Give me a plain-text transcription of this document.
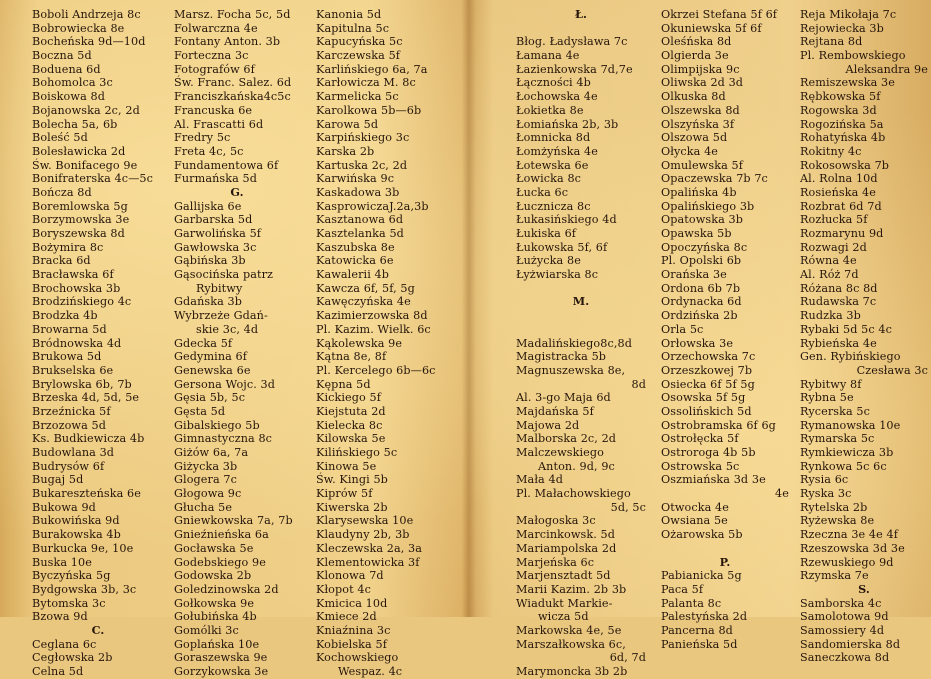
Boboli Andrzeja 8c
Bobrowiecka 8e
Bocheńska 9d—10d
Boczna 5d
Boduena 6d
Bohomolca 3c
Boiskowa 8d
Bojanowska 2c, 2d
Bolecha 5a, 6b
Boleść 5d
Bolesławicka 2d
Św. Bonifacego 9e
Bonifraterska 4c—5c
Bończa 8d
Boremlowska 5g
Borzymowska 3e
Boryszewska 8d
Bożymira 8c
Bracka 6d
Bracławska 6f
Brochowska 3b
Brodzińskiego 4c
Brodzka 4b
Browarna 5d
Bródnowska 4d
Brukowa 5d
Brukselska 6e
Brylowska 6b, 7b
Brzeska 4d, 5d, 5e
Brzeźnicka 5f
Brzozowa 5d
Ks. Budkiewicza 4b
Budowlana 3d
Budrysów 6f
Bugaj 5d
Bukareszteńska 6e
Bukowa 9d
Bukowińska 9d
Burakowska 4b
Burkucka 9e, 10e
Buska 10e
Byczyńska 5g
Bydgowska 3b, 3c
Bytomska 3c
Bzowa 9d
C.
Ceglana 6c
Cegłowska 2b
Celna 5d
Marsz. Focha 5c, 5d
Folwarczna 4e
Fontany Anton. 3b
Forteczna 3c
Fotografów 6f
Św. Franc. Salez. 6d
Franciszkańska4c5c
Francuska 6e
Al. Frascatti 6d
Fredry 5c
Freta 4c, 5c
Fundamentowa 6f
Furmańska 5d
G.
Gallijska 6e
Garbarska 5d
Garwolińska 5f
Gawłowska 3c
Gąbińska 3b
Gąsocińska patrz
Rybitwy
Gdańska 3b
Wybrzeże Gdań-
skie 3c, 4d
Gdecka 5f
Gedymina 6f
Genewska 6e
Gersona Wojc. 3d
Gęsia 5b, 5c
Gęsta 5d
Gibalskiego 5b
Gimnastyczna 8c
Giżów 6a, 7a
Giżycka 3b
Glogera 7c
Głogowa 9c
Głucha 5e
Gniewkowska 7a, 7b
Gnieźnieńska 6a
Gocławska 5e
Godebskiego 9e
Godowska 2b
Goledzinowska 2d
Gołkowska 9e
Gołubińska 4b
Gomólki 3c
Goplańska 10e
Goraszewska 9e
Gorzykowska 3e
Kanonia 5d
Kapitulna 5c
Kapucyńska 5c
Karczewska 5f
Karlińskiego 6a, 7a
Karłowicza M. 8c
Karmelicka 5c
Karolkowa 5b—6b
Karowa 5d
Karpińskiego 3c
Karska 2b
Kartuska 2c, 2d
Karwińska 9c
Kaskadowa 3b
KasprowiczaJ.2a,3b
Kasztanowa 6d
Kasztelanka 5d
Kaszubska 8e
Katowicka 6e
Kawalerii 4b
Kawcza 6f, 5f, 5g
Kawęczyńska 4e
Kazimierzowska 8d
Pl. Kazim. Wielk. 6c
Kąkolewska 9e
Kątna 8e, 8f
Pl. Kercelego 6b—6c
Kępna 5d
Kickiego 5f
Kiejstuta 2d
Kielecka 8c
Kilowska 5e
Kilińskiego 5c
Kinowa 5e
Św. Kingi 5b
Kiprów 5f
Kiwerska 2b
Klarysewska 10e
Klaudyny 2b, 3b
Kleczewska 2a, 3a
Klementowicka 3f
Klonowa 7d
Kłopot 4c
Kmicica 10d
Kmiece 2d
Kniaźnina 3c
Kobielska 5f
Kochowskiego
Wespaz. 4c
Ł.
Błog. Ładysława 7c
Łamana 4e
Łazienkowska 7d,7e
Łączności 4b
Łochowska 4e
Łokietka 8e
Łomiańska 2b, 3b
Łomnicka 8d
Łomżyńska 4e
Łotewska 6e
Łowicka 8c
Łucka 6c
Łucznicza 8c
Łukasińskiego 4d
Łukiska 6f
Łukowska 5f, 6f
Łużycka 8e
Łyżwiarska 8c
M.
Madalińskiego8c,8d
Magistracka 5b
Magnuszewska 8e,
8d
Al. 3-go Maja 6d
Majdańska 5f
Majowa 2d
Malborska 2c, 2d
Malczewskiego
Anton. 9d, 9c
Mała 4d
Pl. Małachowskiego
5d, 5c
Małogoska 3c
Marcinkowsk. 5d
Mariampolska 2d
Marjeńska 6c
Marjensztadt 5d
Marii Kazim. 2b 3b
Wiadukt Markie-
wicza 5d
Markowska 4e, 5e
Marszałkowska 6c,
6d, 7d
Marymoncka 3b 2b
Okrzei Stefana 5f 6f
Okuniewska 5f 6f
Oleśńska 8d
Olgierda 3e
Olimpijska 9c
Oliwska 2d 3d
Olkuska 8d
Olszewska 8d
Olszyńska 3f
Olszowa 5d
Ołycka 4e
Omulewska 5f
Opaczewska 7b 7c
Opalińska 4b
Opalińskiego 3b
Opatowska 3b
Opawska 5b
Opoczyńska 8c
Pl. Opolski 6b
Orańska 3e
Ordona 6b 7b
Ordynacka 6d
Ordzińska 2b
Orla 5c
Orłowska 3e
Orzechowska 7c
Orzeszkowej 7b
Osiecka 6f 5f 5g
Osowska 5f 5g
Ossolińskich 5d
Ostrobramska 6f 6g
Ostrołęcka 5f
Ostroroga 4b 5b
Ostrowska 5c
Oszmiańska 3d 3e
4e
Otwocka 4e
Owsiana 5e
Ożarowska 5b
P.
Pabianicka 5g
Paca 5f
Palanta 8c
Palestyńska 2d
Pancerna 8d
Panieńska 5d
Reja Mikołaja 7c
Rejowiecka 3b
Rejtana 8d
Pl. Rembowskiego
Aleksandra 9e
Remiszewska 3e
Rębkowska 5f
Rogowska 3d
Rogozińska 5a
Rohatyńska 4b
Rokitny 4c
Rokosowska 7b
Al. Rolna 10d
Rosieńska 4e
Rozbrat 6d 7d
Rozłucka 5f
Rozmarynu 9d
Rozwagi 2d
Równa 4e
Al. Róż 7d
Różana 8c 8d
Rudawska 7c
Rudzka 3b
Rybaki 5d 5c 4c
Rybieńska 4e
Gen. Rybińskiego
Czesława 3c
Rybitwy 8f
Rybna 5e
Rycerska 5c
Rymanowska 10e
Rymarska 5c
Rymkiewicza 3b
Rynkowa 5c 6c
Rysia 6c
Ryska 3c
Rytelska 2b
Ryżewska 8e
Rzeczna 3e 4e 4f
Rzeszowska 3d 3e
Rzewuskiego 9d
Rzymska 7e
S.
Samborska 4c
Samolotowa 9d
Samossiery 4d
Sandomierska 8d
Saneczkowa 8d
